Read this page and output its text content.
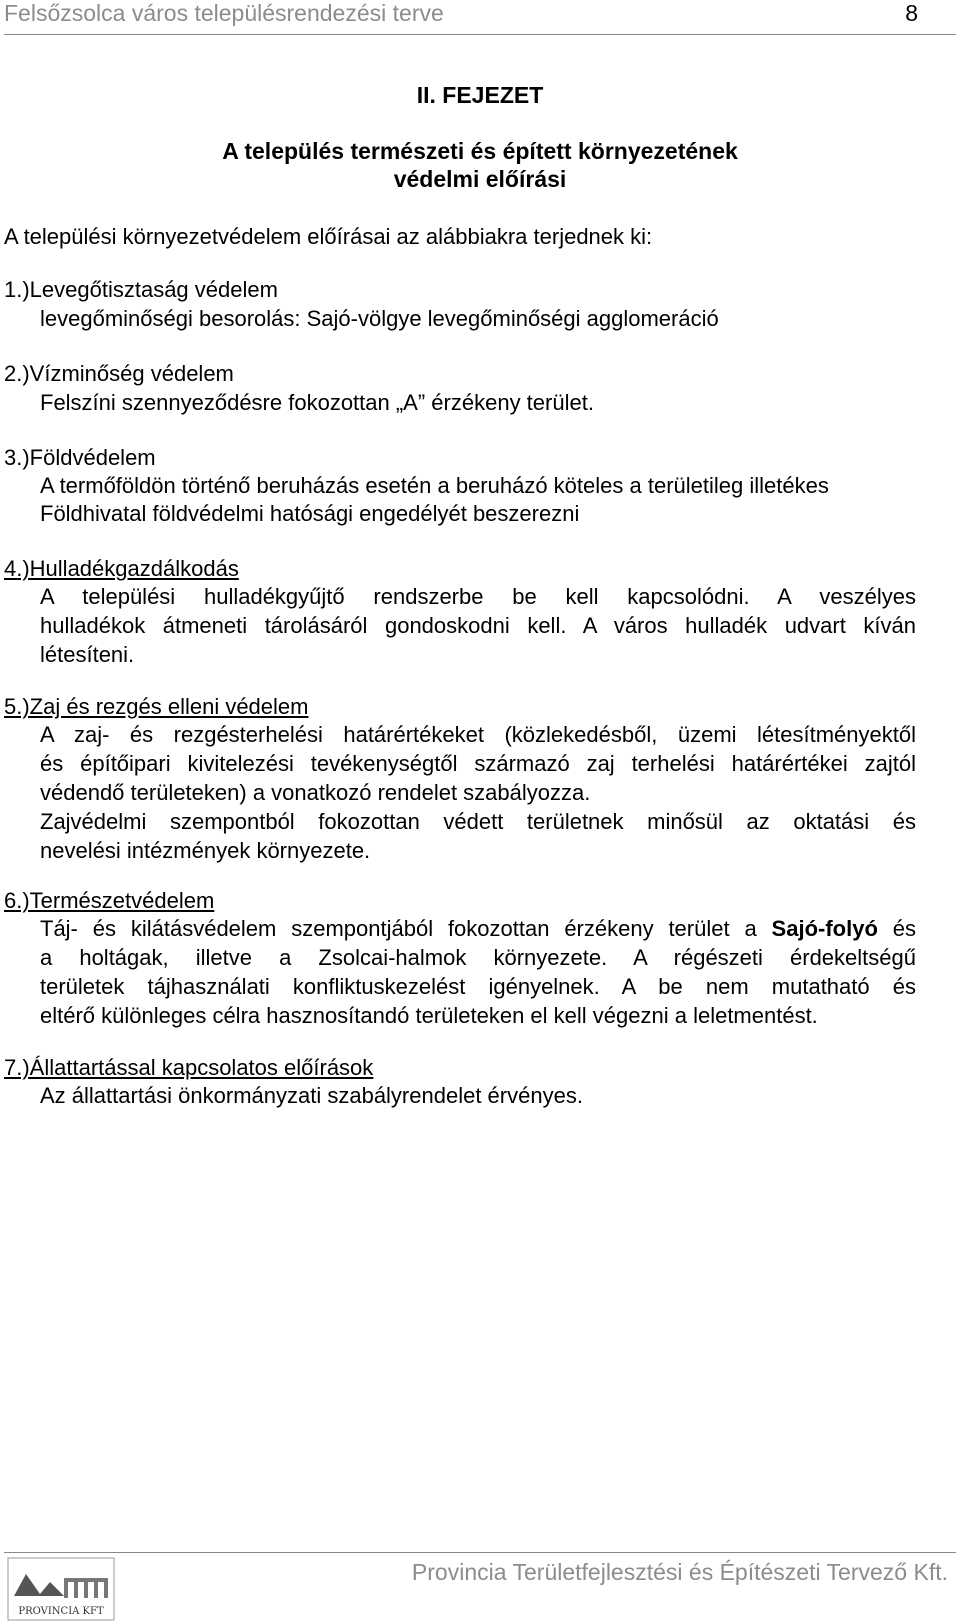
Felsőzsolca város településrendezési terve	8
II. FEJEZET
A település természeti és épített környezetének
védelmi előírási
A települési környezetvédelem előírásai az alábbiakra terjednek ki:
1.)Levegőtisztaság védelem
levegőminőségi besorolás: Sajó-völgye levegőminőségi agglomeráció
2.)Vízminőség védelem
Felszíni szennyeződésre fokozottan „A” érzékeny terület.
3.)Földvédelem
A termőföldön történő beruházás esetén a beruházó köteles a területileg illetékes
Földhivatal földvédelmi hatósági engedélyét beszerezni
4.)Hulladékgazdálkodás
A települési hulladékgyűjtő rendszerbe be kell kapcsolódni. A veszélyes
hulladékok átmeneti tárolásáról gondoskodni kell. A város hulladék udvart kíván
létesíteni.
5.)Zaj és rezgés elleni védelem
A zaj- és rezgésterhelési határértékeket (közlekedésből, üzemi létesítményektől
és építőipari kivitelezési tevékenységtől származó zaj terhelési határértékei zajtól
védendő területeken) a vonatkozó rendelet szabályozza.
Zajvédelmi szempontból fokozottan védett területnek minősül az oktatási és
nevelési intézmények környezete.
6.)Természetvédelem
Táj- és kilátásvédelem szempontjából fokozottan érzékeny terület a Sajó-folyó és
a holtágak, illetve a Zsolcai-halmok környezete. A régészeti érdekeltségű
területek tájhasználati konfliktuskezelést igényelnek. A be nem mutatható és
eltérő különleges célra hasznosítandó területeken el kell végezni a leletmentést.
7.)Állattartással kapcsolatos előírások
Az állattartási önkormányzati szabályrendelet érvényes.
Provincia Területfejlesztési és Építészeti Tervező Kft.
PROVINCIA KFT
